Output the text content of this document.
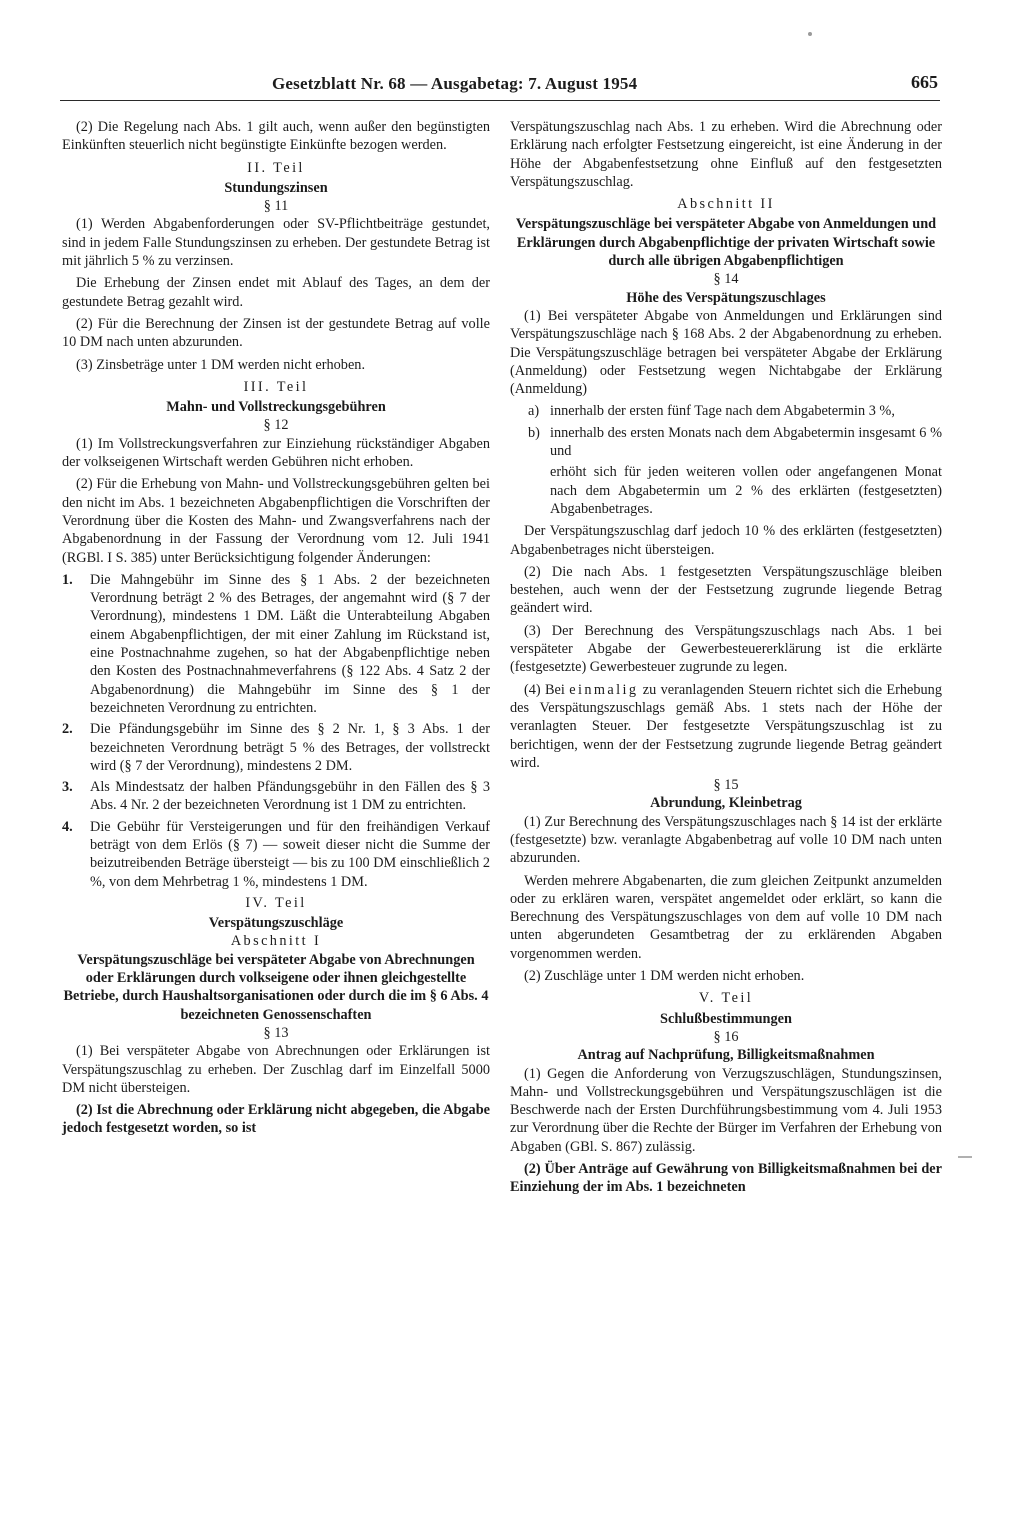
Gesetzblatt Nr. 68 — Ausgabetag: 7. August 1954	665

(2) Die Regelung nach Abs. 1 gilt auch, wenn außer den begünstigten Einkünften steuerlich nicht begünstigte Einkünfte bezogen werden.

II. Teil
Stundungszinsen
§ 11

(1) Werden Abgabenforderungen oder SV-Pflichtbeiträge gestundet, sind in jedem Falle Stundungszinsen zu erheben. Der gestundete Betrag ist mit jährlich 5 % zu verzinsen.

Die Erhebung der Zinsen endet mit Ablauf des Tages, an dem der gestundete Betrag gezahlt wird.

(2) Für die Berechnung der Zinsen ist der gestundete Betrag auf volle 10 DM nach unten abzurunden.

(3) Zinsbeträge unter 1 DM werden nicht erhoben.

III. Teil
Mahn- und Vollstreckungsgebühren
§ 12

(1) Im Vollstreckungsverfahren zur Einziehung rückständiger Abgaben der volkseigenen Wirtschaft werden Gebühren nicht erhoben.

(2) Für die Erhebung von Mahn- und Vollstreckungsgebühren gelten bei den nicht im Abs. 1 bezeichneten Abgabenpflichtigen die Vorschriften der Verordnung über die Kosten des Mahn- und Zwangsverfahrens nach der Abgabenordnung in der Fassung der Verordnung vom 12. Juli 1941 (RGBl. I S. 385) unter Berücksichtigung folgender Änderungen:

1.	Die Mahngebühr im Sinne des § 1 Abs. 2 der bezeichneten Verordnung beträgt 2 % des Betrages, der angemahnt wird (§ 7 der Verordnung), mindestens 1 DM. Läßt die Unterabteilung Abgaben einem Abgabenpflichtigen, der mit einer Zahlung im Rückstand ist, eine Postnachnahme zugehen, so hat der Abgabenpflichtige neben den Kosten des Postnachnahmeverfahrens (§ 122 Abs. 4 Satz 2 der Abgabenordnung) die Mahngebühr im Sinne des § 1 der bezeichneten Verordnung zu entrichten.
2.	Die Pfändungsgebühr im Sinne des § 2 Nr. 1, § 3 Abs. 1 der bezeichneten Verordnung beträgt 5 % des Betrages, der vollstreckt wird (§ 7 der Verordnung), mindestens 2 DM.
3.	Als Mindestsatz der halben Pfändungsgebühr in den Fällen des § 3 Abs. 4 Nr. 2 der bezeichneten Verordnung ist 1 DM zu entrichten.
4.	Die Gebühr für Versteigerungen und für den freihändigen Verkauf beträgt von dem Erlös (§ 7) — soweit dieser nicht die Summe der beizutreibenden Beträge übersteigt — bis zu 100 DM einschließlich 2 %, von dem Mehrbetrag 1 %, mindestens 1 DM.
IV. Teil
Verspätungszuschläge
Abschnitt I
Verspätungszuschläge bei verspäteter Abgabe von Abrechnungen oder Erklärungen durch volkseigene oder ihnen gleichgestellte Betriebe, durch Haushaltsorganisationen oder durch die im § 6 Abs. 4 bezeichneten Genossenschaften
§ 13

(1) Bei verspäteter Abgabe von Abrechnungen oder Erklärungen ist Verspätungszuschlag zu erheben. Der Zuschlag darf im Einzelfall 5000 DM nicht übersteigen.

(2) Ist die Abrechnung oder Erklärung nicht abgegeben, die Abgabe jedoch festgesetzt worden, so ist

Verspätungszuschlag nach Abs. 1 zu erheben. Wird die Abrechnung oder Erklärung nach erfolgter Festsetzung eingereicht, ist eine Änderung in der Höhe der Abgabenfestsetzung ohne Einfluß auf den festgesetzten Verspätungszuschlag.

Abschnitt II
Verspätungszuschläge bei verspäteter Abgabe von Anmeldungen und Erklärungen durch Abgabenpflichtige der privaten Wirtschaft sowie durch alle übrigen Abgabenpflichtigen
§ 14
Höhe des Verspätungszuschlages

(1) Bei verspäteter Abgabe von Anmeldungen und Erklärungen sind Verspätungszuschläge nach § 168 Abs. 2 der Abgabenordnung zu erheben. Die Verspätungszuschläge betragen bei verspäteter Abgabe der Erklärung (Anmeldung) oder Festsetzung wegen Nichtabgabe der Erklärung (Anmeldung)

a) innerhalb der ersten fünf Tage nach dem Abgabetermin 3 %,
b) innerhalb des ersten Monats nach dem Abgabetermin insgesamt 6 % und

erhöht sich für jeden weiteren vollen oder angefangenen Monat nach dem Abgabetermin um 2 % des erklärten (festgesetzten) Abgabenbetrages.

Der Verspätungszuschlag darf jedoch 10 % des erklärten (festgesetzten) Abgabenbetrages nicht übersteigen.

(2) Die nach Abs. 1 festgesetzten Verspätungszuschläge bleiben bestehen, auch wenn der der Festsetzung zugrunde liegende Betrag geändert wird.

(3) Der Berechnung des Verspätungszuschlags nach Abs. 1 bei verspäteter Abgabe der Gewerbesteuererklärung ist die erklärte (festgesetzte) Gewerbesteuer zugrunde zu legen.

(4) Bei einmalig zu veranlagenden Steuern richtet sich die Erhebung des Verspätungszuschlags gemäß Abs. 1 stets nach der Höhe der veranlagten Steuer. Der festgesetzte Verspätungszuschlag ist zu berichtigen, wenn der der Festsetzung zugrunde liegende Betrag geändert wird.

§ 15
Abrundung, Kleinbetrag

(1) Zur Berechnung des Verspätungszuschlages nach § 14 ist der erklärte (festgesetzte) bzw. veranlagte Abgabenbetrag auf volle 10 DM nach unten abzurunden.

Werden mehrere Abgabenarten, die zum gleichen Zeitpunkt anzumelden oder zu erklären waren, verspätet angemeldet oder erklärt, so kann die Berechnung des Verspätungszuschlages von dem auf volle 10 DM nach unten abgerundeten Gesamtbetrag der zu erklärenden Abgaben vorgenommen werden.

(2) Zuschläge unter 1 DM werden nicht erhoben.

V. Teil
Schlußbestimmungen
§ 16
Antrag auf Nachprüfung, Billigkeitsmaßnahmen

(1) Gegen die Anforderung von Verzugszuschlägen, Stundungszinsen, Mahn- und Vollstreckungsgebühren und Verspätungszuschlägen ist die Beschwerde nach der Ersten Durchführungsbestimmung vom 4. Juli 1953 zur Verordnung über die Rechte der Bürger im Verfahren der Erhebung von Abgaben (GBl. S. 867) zulässig.

(2) Über Anträge auf Gewährung von Billigkeitsmaßnahmen bei der Einziehung der im Abs. 1 bezeichneten
